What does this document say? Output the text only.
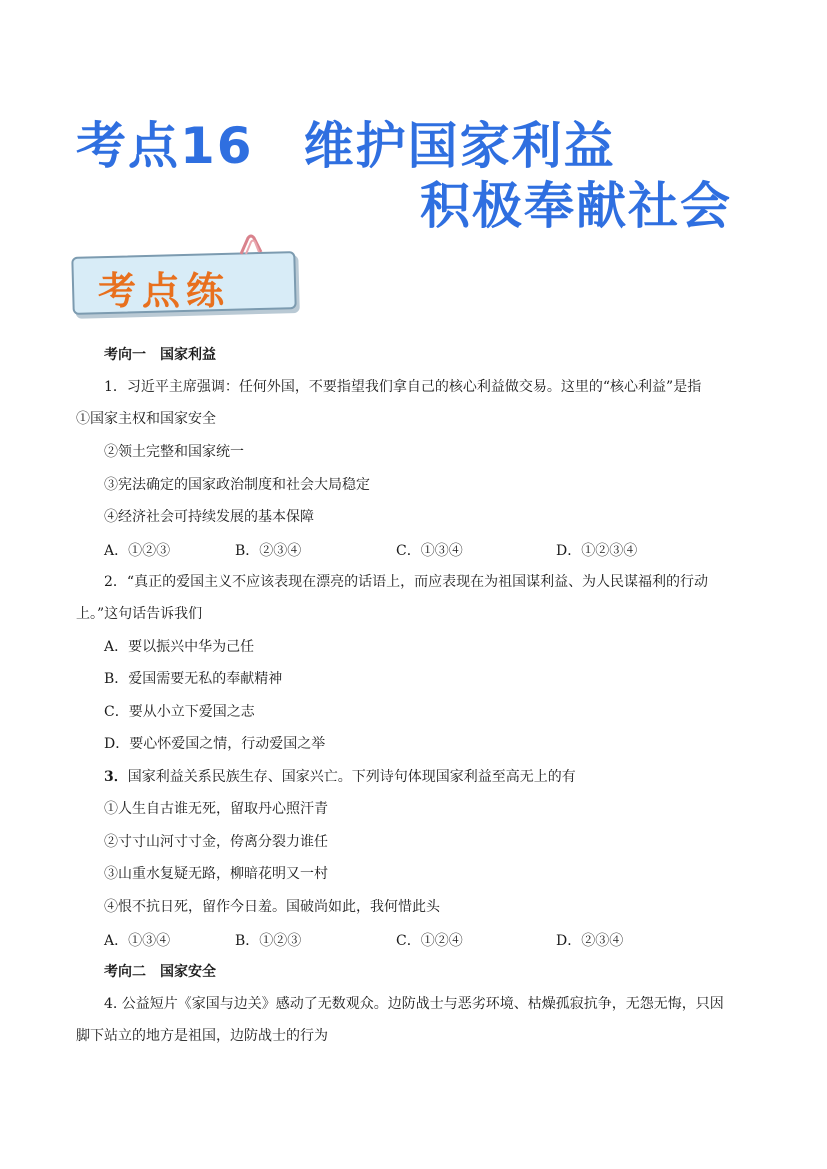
考点16 维护国家利益
积极奉献社会
考点练
考向一　国家利益
1．习近平主席强调：任何外国，不要指望我们拿自己的核心利益做交易。这里的“核心利益”是指
①国家主权和国家安全
②领土完整和国家统一
③宪法确定的国家政治制度和社会大局稳定
④经济社会可持续发展的基本保障
A．①②③	B．②③④	C．①③④	D．①②③④
2．“真正的爱国主义不应该表现在漂亮的话语上，而应表现在为祖国谋利益、为人民谋福利的行动
上。”这句话告诉我们
A．要以振兴中华为己任
B．爱国需要无私的奉献精神
C．要从小立下爱国之志
D．要心怀爱国之情，行动爱国之举
3．国家利益关系民族生存、国家兴亡。下列诗句体现国家利益至高无上的有
①人生自古谁无死，留取丹心照汗青
②寸寸山河寸寸金，侉离分裂力谁任
③山重水复疑无路，柳暗花明又一村
④恨不抗日死，留作今日羞。国破尚如此，我何惜此头
A．①③④	B．①②③	C．①②④	D．②③④
考向二　国家安全
4. 公益短片《家国与边关》感动了无数观众。边防战士与恶劣环境、枯燥孤寂抗争，无怨无悔，只因
脚下站立的地方是祖国，边防战士的行为
